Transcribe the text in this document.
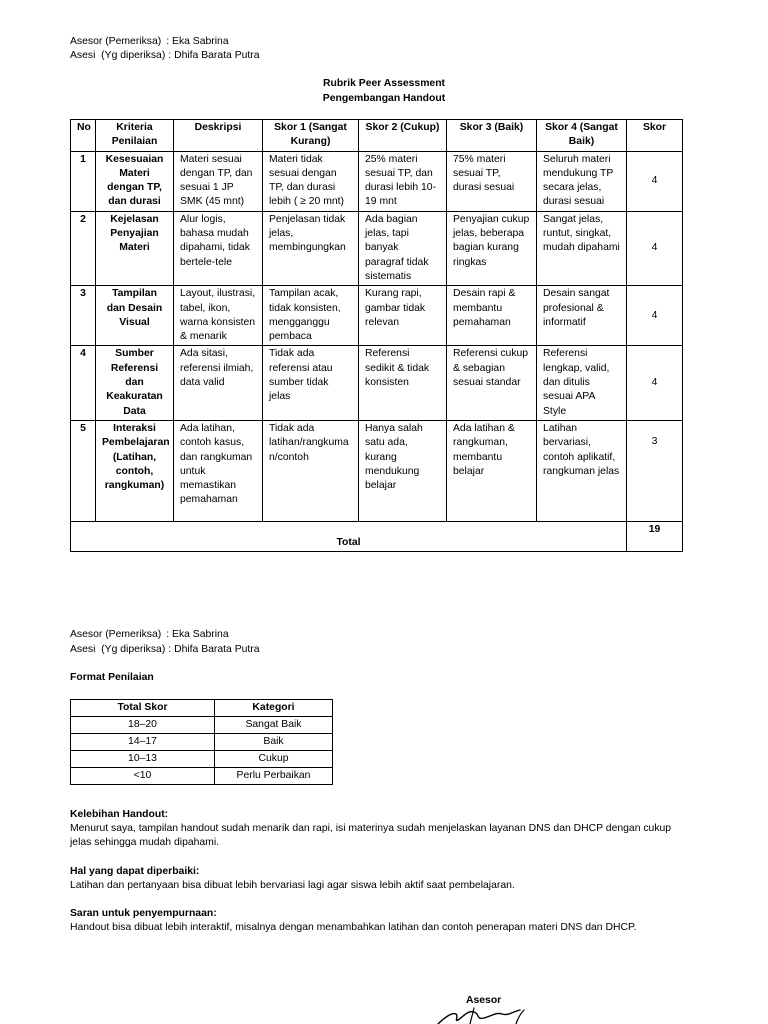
Asesor (Pemeriksa) : Eka Sabrina
Asesi  (Yg diperiksa) : Dhifa Barata Putra
Rubrik Peer Assessment
Pengembangan Handout
No	Kriteria Penilaian	Deskripsi	Skor 1 (Sangat Kurang)	Skor 2 (Cukup)	Skor 3 (Baik)	Skor 4 (Sangat Baik)	Skor
1	Kesesuaian Materi dengan TP, dan durasi	Materi sesuai dengan TP, dan sesuai 1 JP SMK (45 mnt)	Materi tidak sesuai dengan TP, dan durasi lebih ( ≥ 20 mnt)	25% materi sesuai TP, dan durasi lebih 10-19 mnt	75% materi sesuai TP, durasi sesuai	Seluruh materi mendukung TP secara jelas, durasi sesuai	4
2	Kejelasan Penyajian Materi	Alur logis, bahasa mudah dipahami, tidak bertele-tele	Penjelasan tidak jelas, membingungkan	Ada bagian jelas, tapi banyak paragraf tidak sistematis	Penyajian cukup jelas, beberapa bagian kurang ringkas	Sangat jelas, runtut, singkat, mudah dipahami	4
3	Tampilan dan Desain Visual	Layout, ilustrasi, tabel, ikon, warna konsisten & menarik	Tampilan acak, tidak konsisten, mengganggu pembaca	Kurang rapi, gambar tidak relevan	Desain rapi & membantu pemahaman	Desain sangat profesional & informatif	4
4	Sumber Referensi dan Keakuratan Data	Ada sitasi, referensi ilmiah, data valid	Tidak ada referensi atau sumber tidak jelas	Referensi sedikit & tidak konsisten	Referensi cukup & sebagian sesuai standar	Referensi lengkap, valid, dan ditulis sesuai APA Style	4
5	Interaksi Pembelajaran (Latihan, contoh, rangkuman)	Ada latihan, contoh kasus, dan rangkuman untuk memastikan pemahaman	Tidak ada latihan/rangkuma n/contoh	Hanya salah satu ada, kurang mendukung belajar	Ada latihan & rangkuman, membantu belajar	Latihan bervariasi, contoh aplikatif, rangkuman jelas	3
Total							19
Asesor (Pemeriksa) : Eka Sabrina
Asesi  (Yg diperiksa) : Dhifa Barata Putra
Format Penilaian
Total Skor	Kategori
18–20	Sangat Baik
14–17	Baik
10–13	Cukup
<10	Perlu Perbaikan
Kelebihan Handout:
Menurut saya, tampilan handout sudah menarik dan rapi, isi materinya sudah menjelaskan layanan DNS dan DHCP dengan cukup
jelas sehingga mudah dipahami.
Hal yang dapat diperbaiki:
Latihan dan pertanyaan bisa dibuat lebih bervariasi lagi agar siswa lebih aktif saat pembelajaran.
Saran untuk penyempurnaan:
Handout bisa dibuat lebih interaktif, misalnya dengan menambahkan latihan dan contoh penerapan materi DNS dan DHCP.
Asesor
